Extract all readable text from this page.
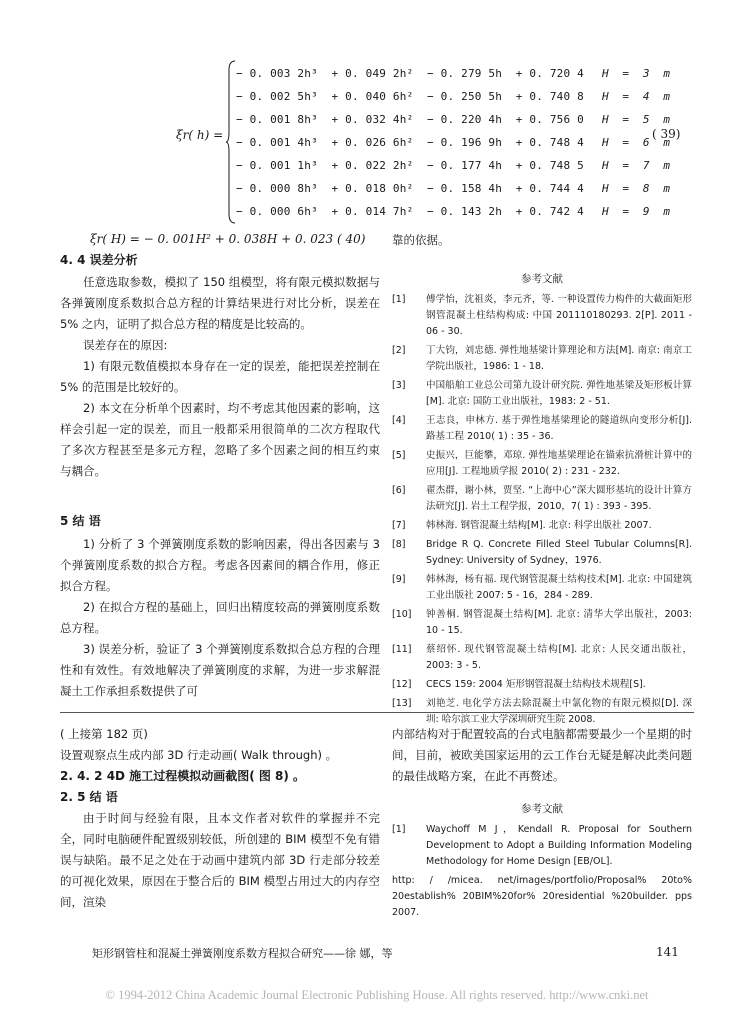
ξr( h) =
− 0. 003 2h³  + 0. 049 2h²  − 0. 279 5h  + 0. 720 4 H  =  3  m
− 0. 002 5h³  + 0. 040 6h²  − 0. 250 5h  + 0. 740 8 H  =  4  m
− 0. 001 8h³  + 0. 032 4h²  − 0. 220 4h  + 0. 756 0 H  =  5  m
− 0. 001 4h³  + 0. 026 6h²  − 0. 196 9h  + 0. 748 4 H  =  6  m
− 0. 001 1h³  + 0. 022 2h²  − 0. 177 4h  + 0. 748 5 H  =  7  m
− 0. 000 8h³  + 0. 018 0h²  − 0. 158 4h  + 0. 744 4 H  =  8  m
− 0. 000 6h³  + 0. 014 7h²  − 0. 143 2h  + 0. 742 4 H  =  9  m
( 39)
ξr( H) = − 0. 001H² + 0. 038H + 0. 023 ( 40)
4. 4 误差分析

任意选取参数，模拟了 150 组模型，将有限元模拟数据与各弹簧刚度系数拟合总方程的计算结果进行对比分析，误差在 5% 之内，证明了拟合总方程的精度是比较高的。

误差存在的原因:

1) 有限元数值模拟本身存在一定的误差，能把误差控制在 5% 的范围是比较好的。

2) 本文在分析单个因素时，均不考虑其他因素的影响，这样会引起一定的误差，而且一般都采用很简单的二次方程取代了多次方程甚至是多元方程，忽略了多个因素之间的相互约束与耦合。

5 结 语

1) 分析了 3 个弹簧刚度系数的影响因素，得出各因素与 3 个弹簧刚度系数的拟合方程。考虑各因素间的耦合作用，修正拟合方程。

2) 在拟合方程的基础上，回归出精度较高的弹簧刚度系数总方程。

3) 误差分析，验证了 3 个弹簧刚度系数拟合总方程的合理性和有效性。有效地解决了弹簧刚度的求解，为进一步求解混凝土工作承担系数提供了可

靠的依据。

参考文献
[1] 傅学怡，沈祖炎，李元齐，等. 一种设置传力构件的大截面矩形钢管混凝土柱结构构成: 中国 201110180293. 2[P]. 2011 - 06 - 30.
[2] 丁大钧，刘忠德. 弹性地基梁计算理论和方法[M]. 南京: 南京工学院出版社，1986: 1 - 18.
[3] 中国船舶工业总公司第九设计研究院. 弹性地基梁及矩形板计算[M]. 北京: 国防工业出版社，1983: 2 - 51.
[4] 王志良，申林方. 基于弹性地基梁理论的隧道纵向变形分析[J]. 路基工程 2010( 1) : 35 - 36.
[5] 史振兴，巨能攀，邓琼. 弹性地基梁理论在锚索抗滑桩计算中的应用[J]. 工程地质学报 2010( 2) : 231 - 232.
[6] 翟杰群，谢小林，贾坚. “上海中心”深大圆形基坑的设计计算方法研究[J]. 岩土工程学报，2010，7( 1) : 393 - 395.
[7] 韩林海. 钢管混凝土结构[M]. 北京: 科学出版社 2007.
[8] Bridge R Q. Concrete Filled Steel Tubular Columns[R]. Sydney: University of Sydney，1976.
[9] 韩林海，杨有福. 现代钢管混凝土结构技术[M]. 北京: 中国建筑工业出版社 2007: 5 - 16，284 - 289.
[10] 钟善桐. 钢管混凝土结构[M]. 北京: 清华大学出版社，2003: 10 - 15.
[11] 蔡绍怀. 现代钢管混凝土结构[M]. 北京: 人民交通出版社，2003: 3 - 5.
[12] CECS 159: 2004 矩形钢管混凝土结构技术规程[S].
[13] 刘艳芝. 电化学方法去除混凝土中氯化物的有限元模拟[D]. 深圳: 哈尔滨工业大学深圳研究生院 2008.

( 上接第 182 页)

设置观察点生成内部 3D 行走动画( Walk through) 。

2. 4. 2 4D 施工过程模拟动画截图( 图 8) 。
2. 5 结 语

由于时间与经验有限，且本文作者对软件的掌握并不完全，同时电脑硬件配置级别较低，所创建的 BIM 模型不免有错误与缺陷。最不足之处在于动画中建筑内部 3D 行走部分较差的可视化效果，原因在于整合后的 BIM 模型占用过大的内存空间，渲染

内部结构对于配置较高的台式电脑都需要最少一个星期的时间，目前，被欧美国家运用的云工作台无疑是解决此类问题的最佳战略方案，在此不再赘述。

参考文献
[1] Waychoff M J，Kendall R. Proposal for Southern Development to Adopt a Building Information Modeling Methodology for Home Design [EB/OL].
http: / /micea. net/images/portfolio/Proposal% 20to% 20establish% 20BIM%20for% 20residential %20builder. pps 2007.
矩形钢管柱和混凝土弹簧刚度系数方程拟合研究——徐 娜，等	141
© 1994-2012 China Academic Journal Electronic Publishing House. All rights reserved. http://www.cnki.net
